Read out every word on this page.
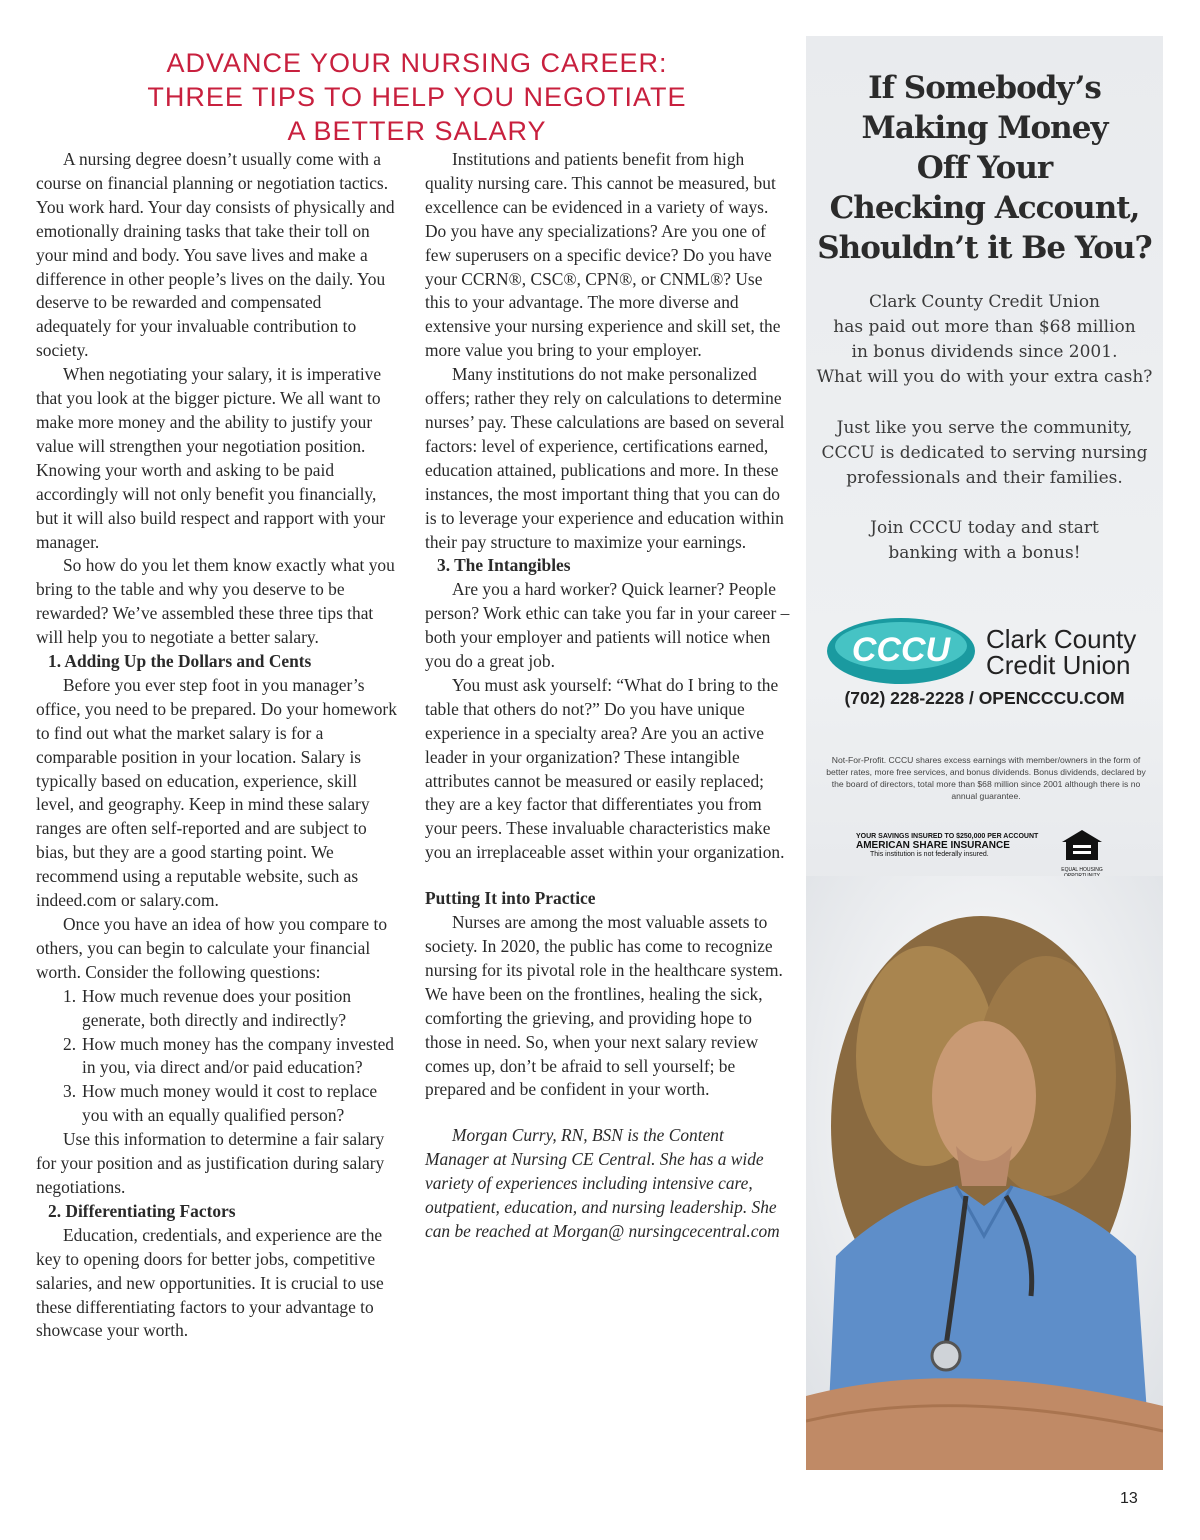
ADVANCE YOUR NURSING CAREER:
THREE TIPS TO HELP YOU NEGOTIATE
A BETTER SALARY

A nursing degree doesn’t usually come with a course on financial planning or negotiation tactics. You work hard. Your day consists of physically and emotionally draining tasks that take their toll on your mind and body. You save lives and make a difference in other people’s lives on the daily. You deserve to be rewarded and compensated adequately for your invaluable contribution to society.

When negotiating your salary, it is imperative that you look at the bigger picture. We all want to make more money and the ability to justify your value will strengthen your negotiation position. Knowing your worth and asking to be paid accordingly will not only benefit you financially, but it will also build respect and rapport with your manager.

So how do you let them know exactly what you bring to the table and why you deserve to be rewarded? We’ve assembled these three tips that will help you to negotiate a better salary.

1. Adding Up the Dollars and Cents

Before you ever step foot in you manager’s office, you need to be prepared. Do your homework to find out what the market salary is for a comparable position in your location. Salary is typically based on education, experience, skill level, and geography. Keep in mind these salary ranges are often self-reported and are subject to bias, but they are a good starting point. We recommend using a reputable website, such as indeed.com or salary.com.

Once you have an idea of how you compare to others, you can begin to calculate your financial worth. Consider the following questions:

1. How much revenue does your position generate, both directly and indirectly?
2. How much money has the company invested in you, via direct and/or paid education?
3. How much money would it cost to replace you with an equally qualified person?

Use this information to determine a fair salary for your position and as justification during salary negotiations.

2. Differentiating Factors

Education, credentials, and experience are the key to opening doors for better jobs, competitive salaries, and new opportunities. It is crucial to use these differentiating factors to your advantage to showcase your worth.

Institutions and patients benefit from high quality nursing care. This cannot be measured, but excellence can be evidenced in a variety of ways. Do you have any specializations? Are you one of few superusers on a specific device? Do you have your CCRN®, CSC®, CPN®, or CNML®? Use this to your advantage. The more diverse and extensive your nursing experience and skill set, the more value you bring to your employer.

Many institutions do not make personalized offers; rather they rely on calculations to determine nurses’ pay. These calculations are based on several factors: level of experience, certifications earned, education attained, publications and more. In these instances, the most important thing that you can do is to leverage your experience and education within their pay structure to maximize your earnings.

3. The Intangibles

Are you a hard worker? Quick learner? People person? Work ethic can take you far in your career – both your employer and patients will notice when you do a great job.

You must ask yourself: “What do I bring to the table that others do not?” Do you have unique experience in a specialty area? Are you an active leader in your organization? These intangible attributes cannot be measured or easily replaced; they are a key factor that differentiates you from your peers. These invaluable characteristics make you an irreplaceable asset within your organization.

Putting It into Practice

Nurses are among the most valuable assets to society. In 2020, the public has come to recognize nursing for its pivotal role in the healthcare system. We have been on the frontlines, healing the sick, comforting the grieving, and providing hope to those in need. So, when your next salary review comes up, don’t be afraid to sell yourself; be prepared and be confident in your worth.

Morgan Curry, RN, BSN is the Content Manager at Nursing CE Central. She has a wide variety of experiences including intensive care, outpatient, education, and nursing leadership. She can be reached at Morgan@ nursingcecentral.com

If Somebody’s
Making Money
Off Your
Checking Account,
Shouldn’t it Be You?
Clark County Credit Union
has paid out more than $68 million
in bonus dividends since 2001.
What will you do with your extra cash?
Just like you serve the community,
CCCU is dedicated to serving nursing
professionals and their families.
Join CCCU today and start
banking with a bonus!
CCCU Clark County
Credit Union
(702) 228-2228 / OPENCCCU.COM
Not-For-Profit. CCCU shares excess earnings with member/owners in the form of better rates, more free services, and bonus dividends. Bonus dividends, declared by the board of directors, total more than $68 million since 2001 although there is no annual guarantee.
YOUR SAVINGS INSURED TO $250,000 PER ACCOUNT
AMERICAN SHARE INSURANCE
This institution is not federally insured.
EQUAL HOUSING
13
